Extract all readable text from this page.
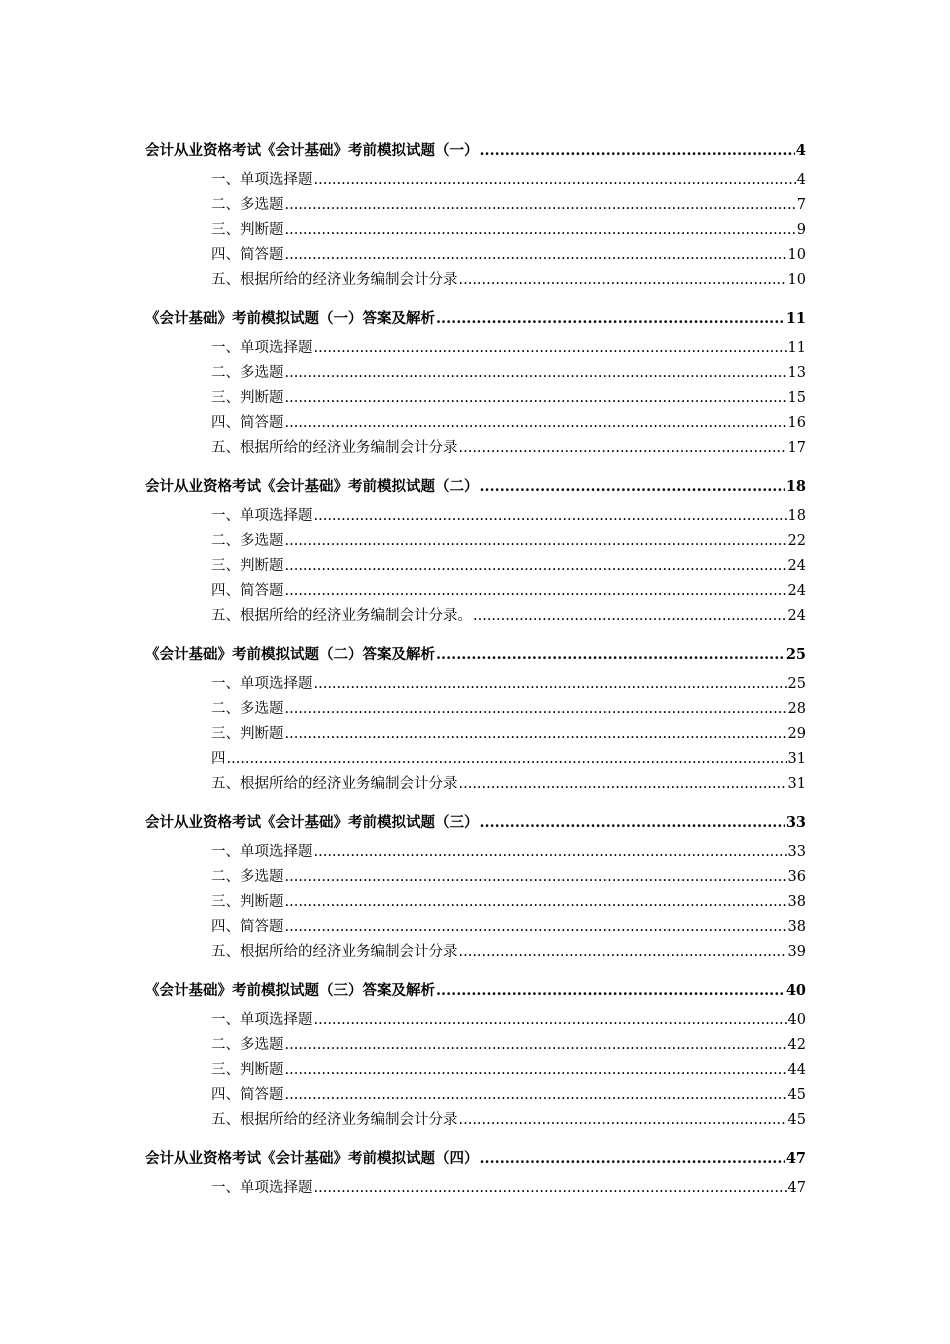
会计从业资格考试《会计基础》考前模拟试题（一） .....	4
一、单项选择题 .....	4
二、多选题 .....	7
三、判断题 .....	9
四、简答题 .....	10
五、根据所给的经济业务编制会计分录 .....	10
《会计基础》考前模拟试题（一）答案及解析 .....	11
一、单项选择题 .....	11
二、多选题 .....	13
三、判断题 .....	15
四、简答题 .....	16
五、根据所给的经济业务编制会计分录 .....	17
会计从业资格考试《会计基础》考前模拟试题（二） .....	18
一、单项选择题 .....	18
二、多选题 .....	22
三、判断题 .....	24
四、简答题 .....	24
五、根据所给的经济业务编制会计分录。 .....	24
《会计基础》考前模拟试题（二）答案及解析 .....	25
一、单项选择题 .....	25
二、多选题 .....	28
三、判断题 .....	29
四 .....	31
五、根据所给的经济业务编制会计分录 .....	31
会计从业资格考试《会计基础》考前模拟试题（三） .....	33
一、单项选择题 .....	33
二、多选题 .....	36
三、判断题 .....	38
四、简答题 .....	38
五、根据所给的经济业务编制会计分录 .....	39
《会计基础》考前模拟试题（三）答案及解析 .....	40
一、单项选择题 .....	40
二、多选题 .....	42
三、判断题 .....	44
四、简答题 .....	45
五、根据所给的经济业务编制会计分录 .....	45
会计从业资格考试《会计基础》考前模拟试题（四） .....	47
一、单项选择题 .....	47
